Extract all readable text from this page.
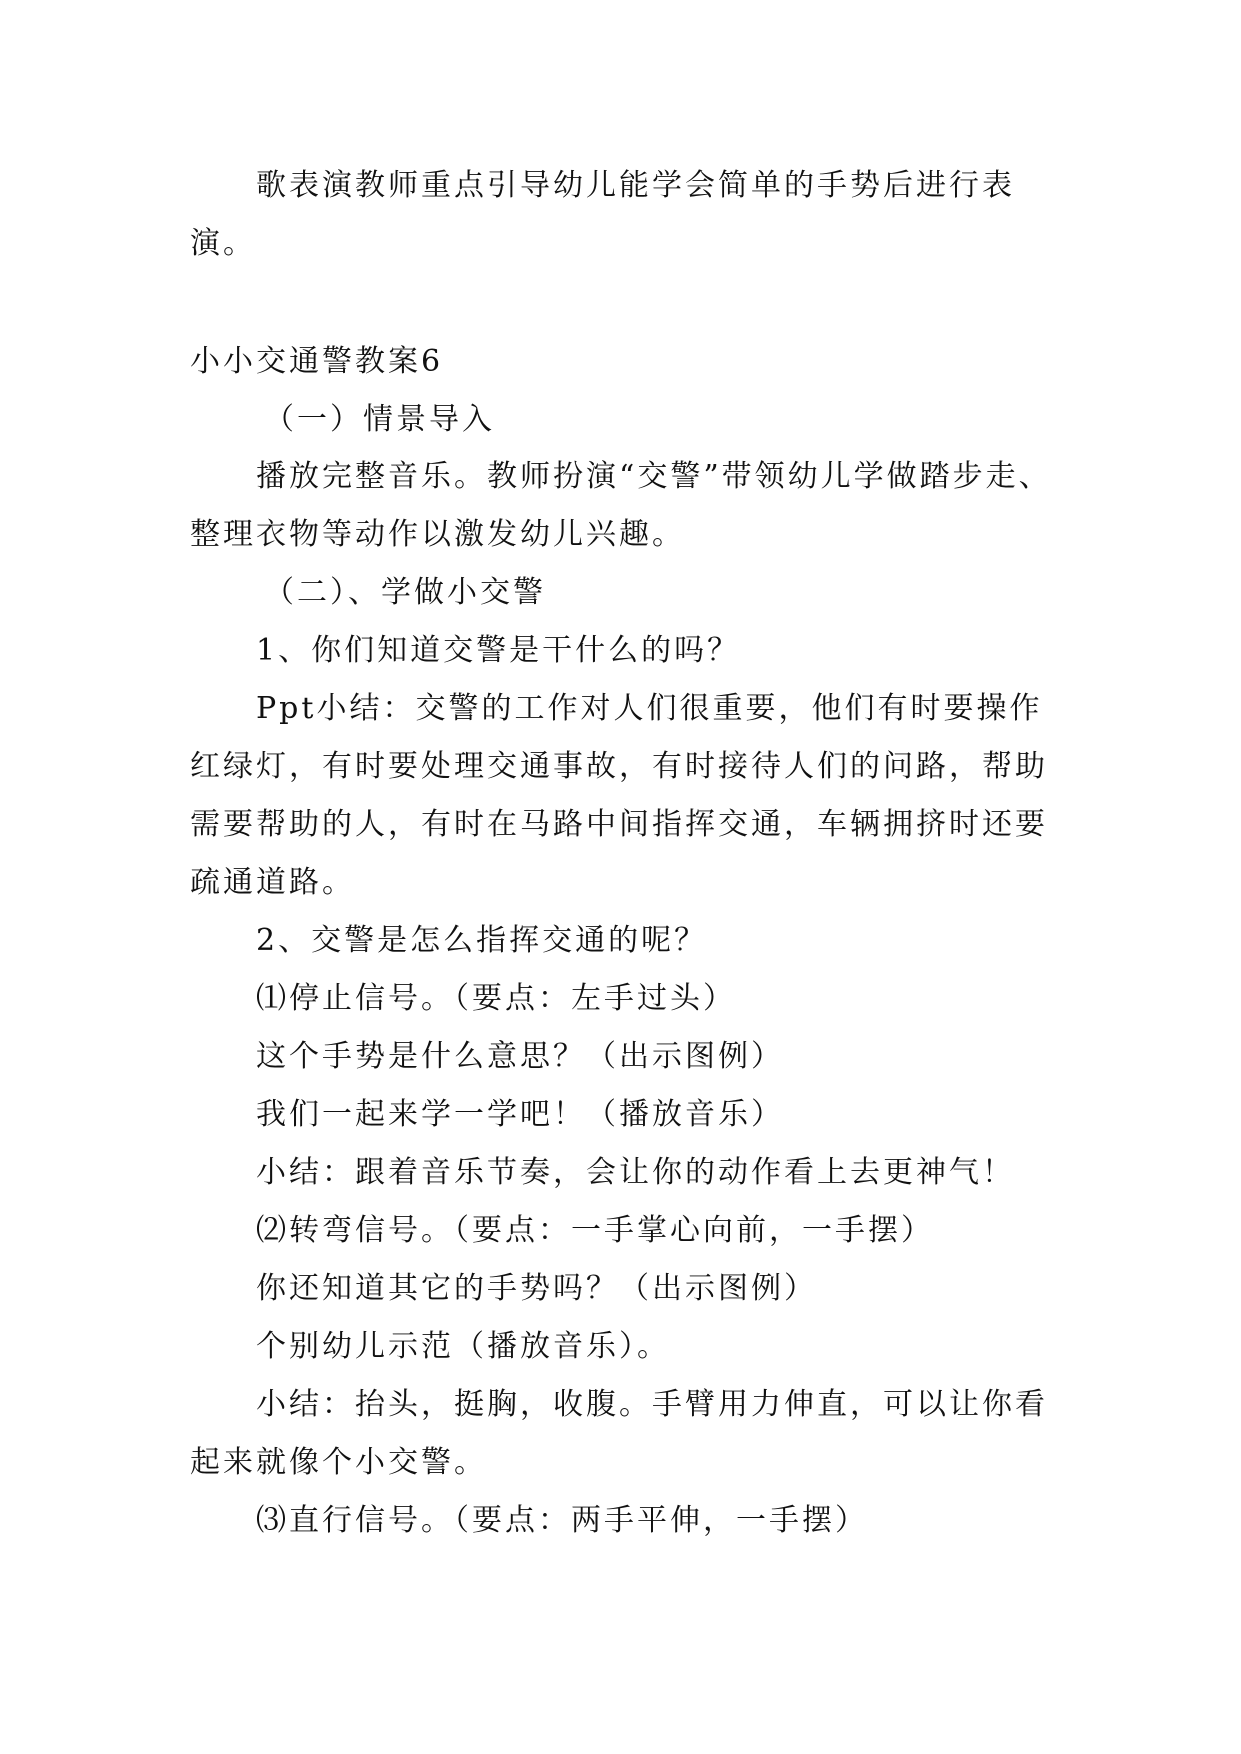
歌表演教师重点引导幼儿能学会简单的手势后进行表
演。
小小交通警教案6
（一）情景导入
播放完整音乐。教师扮演“交警”带领幼儿学做踏步走、
整理衣物等动作以激发幼儿兴趣。
（二）、学做小交警
1、你们知道交警是干什么的吗？
Ppt小结：交警的工作对人们很重要，他们有时要操作
红绿灯，有时要处理交通事故，有时接待人们的问路，帮助
需要帮助的人，有时在马路中间指挥交通，车辆拥挤时还要
疏通道路。
2、交警是怎么指挥交通的呢？
⑴停止信号。（要点：左手过头）
这个手势是什么意思？（出示图例）
我们一起来学一学吧！（播放音乐）
小结：跟着音乐节奏，会让你的动作看上去更神气！
⑵转弯信号。（要点：一手掌心向前，一手摆）
你还知道其它的手势吗？（出示图例）
个别幼儿示范（播放音乐）。
小结：抬头，挺胸，收腹。手臂用力伸直，可以让你看
起来就像个小交警。
⑶直行信号。（要点：两手平伸，一手摆）
